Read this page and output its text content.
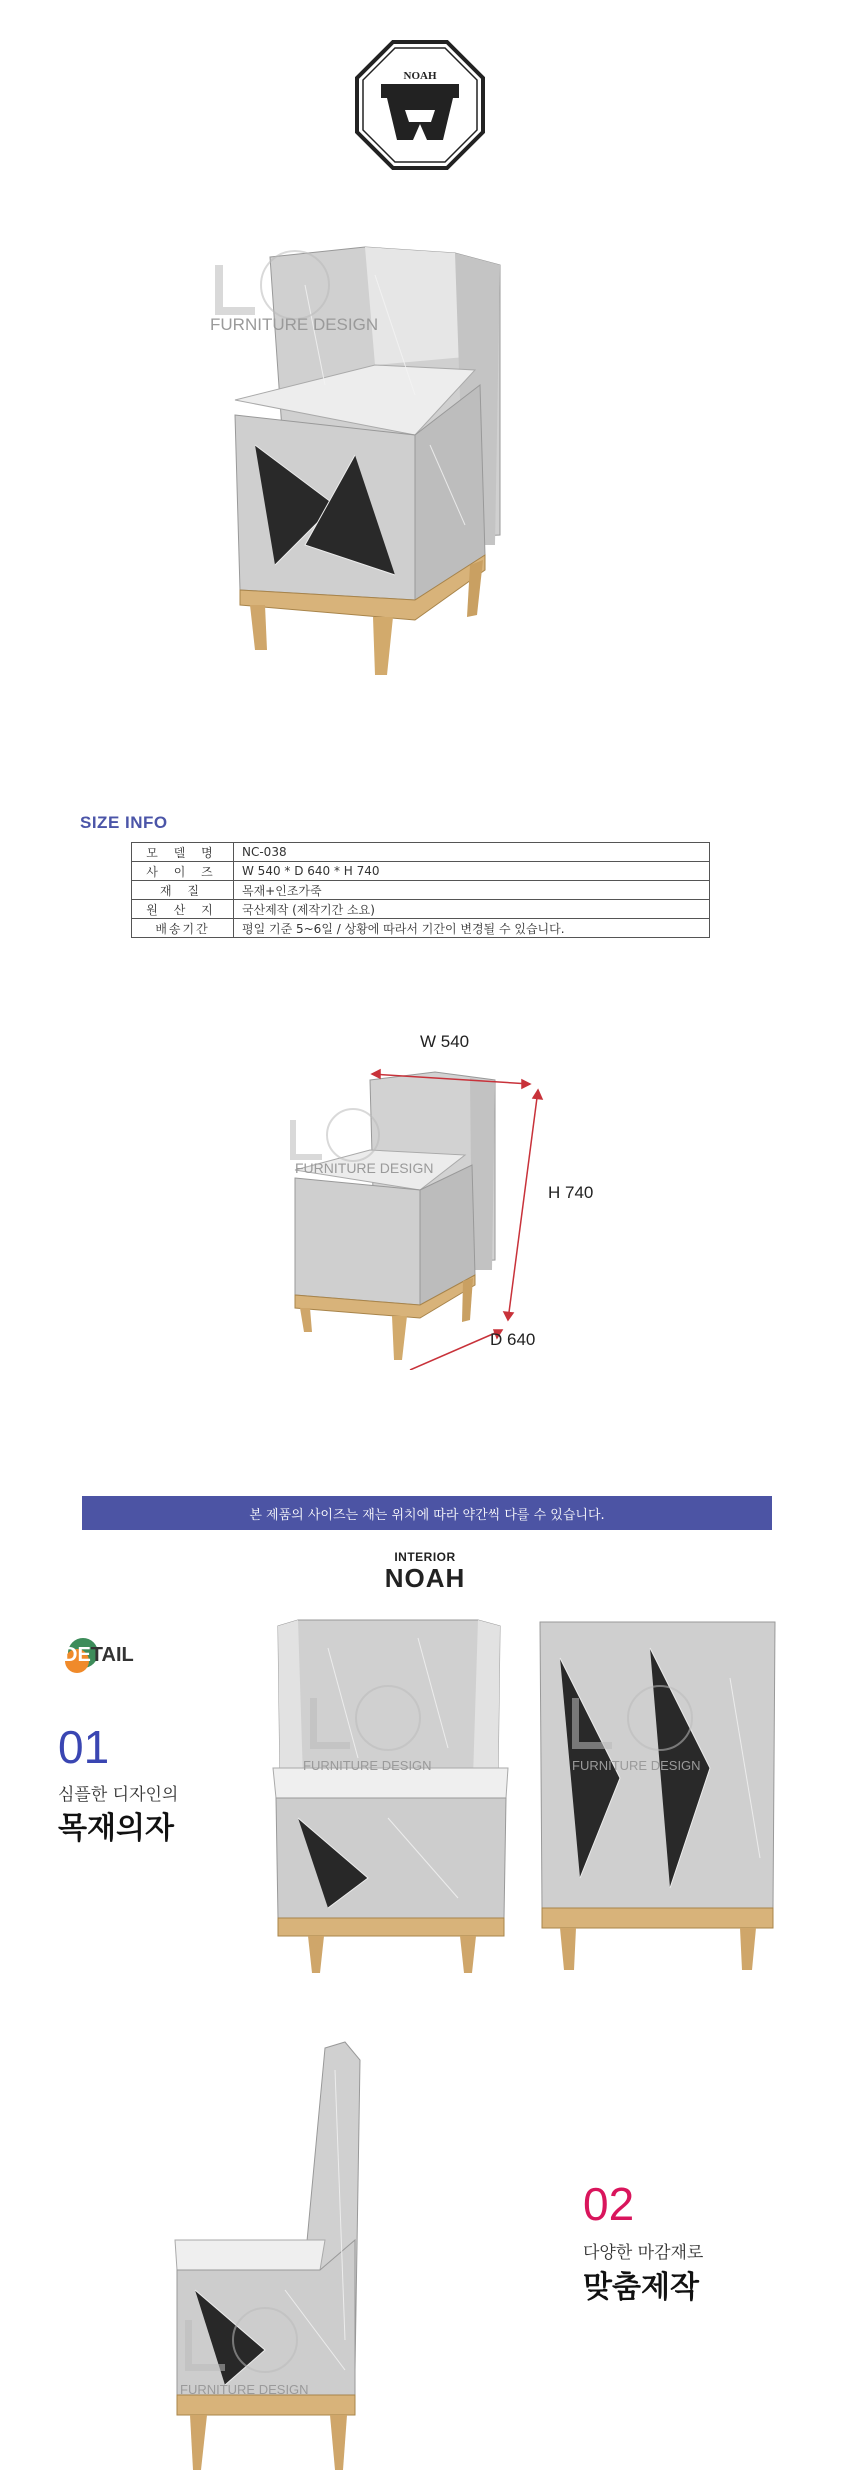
NOAH
FURNITURE DESIGN
SIZE INFO
모 델 명	NC-038
사 이 즈	W 540 * D 640 * H 740
재 질	목재+인조가죽
원 산 지	국산제작 (제작기간 소요)
배송기간	평일 기준 5~6일 / 상황에 따라서 기간이 변경될 수 있습니다.
FURNITURE DESIGN
W 540
H 740
D 640
본 제품의 사이즈는 재는 위치에 따라 약간씩 다를 수 있습니다.
INTERIOR
NOAH
DETAIL
01
심플한 디자인의
목재의자
FURNITURE DESIGN	FURNITURE DESIGN
FURNITURE DESIGN
02
다양한 마감재로
맞춤제작
